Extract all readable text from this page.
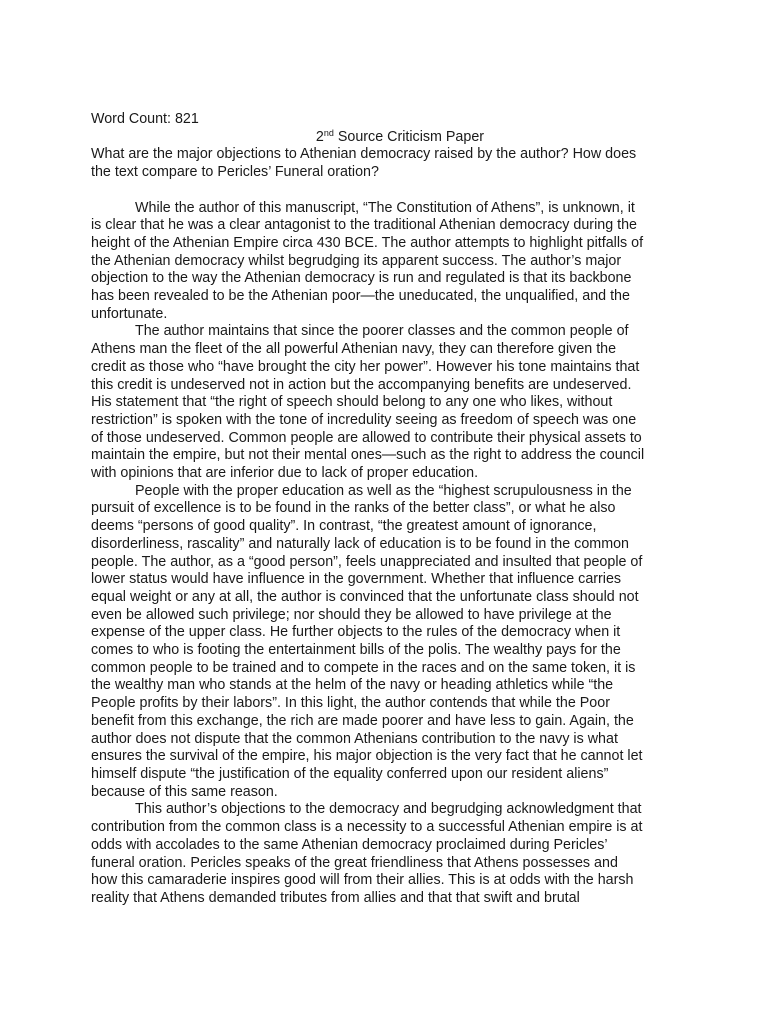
Word Count: 821
2nd Source Criticism Paper
What are the major objections to Athenian democracy raised by the author? How does
the text compare to Pericles’ Funeral oration?
While the author of this manuscript, “The Constitution of Athens”, is unknown, it
is clear that he was a clear antagonist to the traditional Athenian democracy during the
height of the Athenian Empire circa 430 BCE. The author attempts to highlight pitfalls of
the Athenian democracy whilst begrudging its apparent success. The author’s major
objection to the way the Athenian democracy is run and regulated is that its backbone
has been revealed to be the Athenian poor—the uneducated, the unqualified, and the
unfortunate.
The author maintains that since the poorer classes and the common people of
Athens man the fleet of the all powerful Athenian navy, they can therefore given the
credit as those who “have brought the city her power”. However his tone maintains that
this credit is undeserved not in action but the accompanying benefits are undeserved.
His statement that “the right of speech should belong to any one who likes, without
restriction” is spoken with the tone of incredulity seeing as freedom of speech was one
of those undeserved. Common people are allowed to contribute their physical assets to
maintain the empire, but not their mental ones—such as the right to address the council
with opinions that are inferior due to lack of proper education.
People with the proper education as well as the “highest scrupulousness in the
pursuit of excellence is to be found in the ranks of the better class”, or what he also
deems “persons of good quality”. In contrast, “the greatest amount of ignorance,
disorderliness, rascality” and naturally lack of education is to be found in the common
people. The author, as a “good person”, feels unappreciated and insulted that people of
lower status would have influence in the government. Whether that influence carries
equal weight or any at all, the author is convinced that the unfortunate class should not
even be allowed such privilege; nor should they be allowed to have privilege at the
expense of the upper class. He further objects to the rules of the democracy when it
comes to who is footing the entertainment bills of the polis. The wealthy pays for the
common people to be trained and to compete in the races and on the same token, it is
the wealthy man who stands at the helm of the navy or heading athletics while “the
People profits by their labors”. In this light, the author contends that while the Poor
benefit from this exchange, the rich are made poorer and have less to gain. Again, the
author does not dispute that the common Athenians contribution to the navy is what
ensures the survival of the empire, his major objection is the very fact that he cannot let
himself dispute “the justification of the equality conferred upon our resident aliens”
because of this same reason.
This author’s objections to the democracy and begrudging acknowledgment that
contribution from the common class is a necessity to a successful Athenian empire is at
odds with accolades to the same Athenian democracy proclaimed during Pericles’
funeral oration. Pericles speaks of the great friendliness that Athens possesses and
how this camaraderie inspires good will from their allies. This is at odds with the harsh
reality that Athens demanded tributes from allies and that that swift and brutal
